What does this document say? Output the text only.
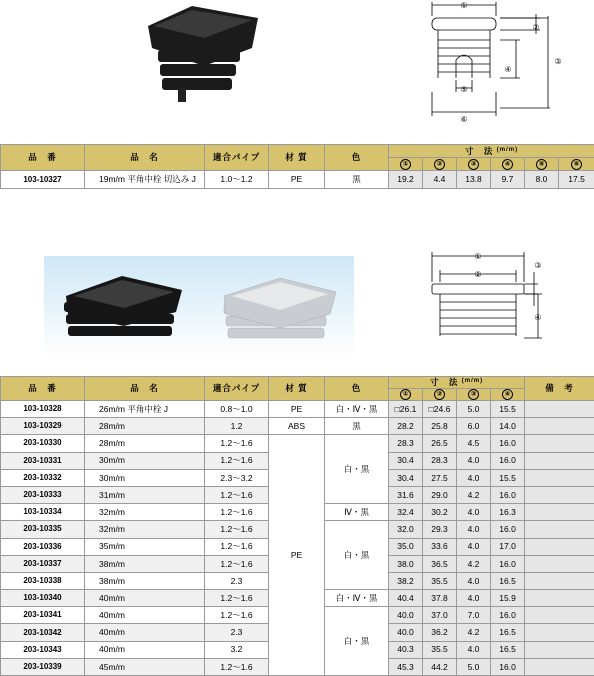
①
②
③
④
⑤
⑥
品　番	品　名	適合パイプ	材 質	色	寸　法 $^{(m/m)}$
					①	②	③	④	⑤	⑥
103-10327	19m/m 平角中栓 切込み J	1.0～1.2	PE	黒	19.2	4.4	13.8	9.7	8.0	17.5
①
②
③
④
品　番	品　名	適合パイプ	材 質	色	寸　法 $^{(m/m)}$				備　考
					①	②	③	④	
103-10328	26m/m 平角中栓 J	0.8～1.0	PE	白・Ⅳ・黒	□26.1	□24.6	5.0	15.5	
103-10329	28m/m	1.2	ABS	黒	28.2	25.8	6.0	14.0	
203-10330	28m/m	1.2～1.6	PE	白・黒	28.3	26.5	4.5	16.0	
203-10331	30m/m	1.2～1.6			30.4	28.3	4.0	16.0	
203-10332	30m/m	2.3～3.2			30.4	27.5	4.0	15.5	
203-10333	31m/m	1.2～1.6			31.6	29.0	4.2	16.0	
103-10334	32m/m	1.2～1.6		Ⅳ・黒	32.4	30.2	4.0	16.3	
203-10335	32m/m	1.2～1.6		白・黒	32.0	29.3	4.0	16.0	
203-10336	35m/m	1.2～1.6			35.0	33.6	4.0	17.0	
203-10337	38m/m	1.2～1.6			38.0	36.5	4.2	16.0	
203-10338	38m/m	2.3			38.2	35.5	4.0	16.5	
103-10340	40m/m	1.2～1.6		白・Ⅳ・黒	40.4	37.8	4.0	15.9	
203-10341	40m/m	1.2～1.6		白・黒	40.0	37.0	7.0	16.0	
203-10342	40m/m	2.3			40.0	36.2	4.2	16.5	
203-10343	40m/m	3.2			40.3	35.5	4.0	16.5	
203-10339	45m/m	1.2～1.6			45.3	44.2	5.0	16.0	
